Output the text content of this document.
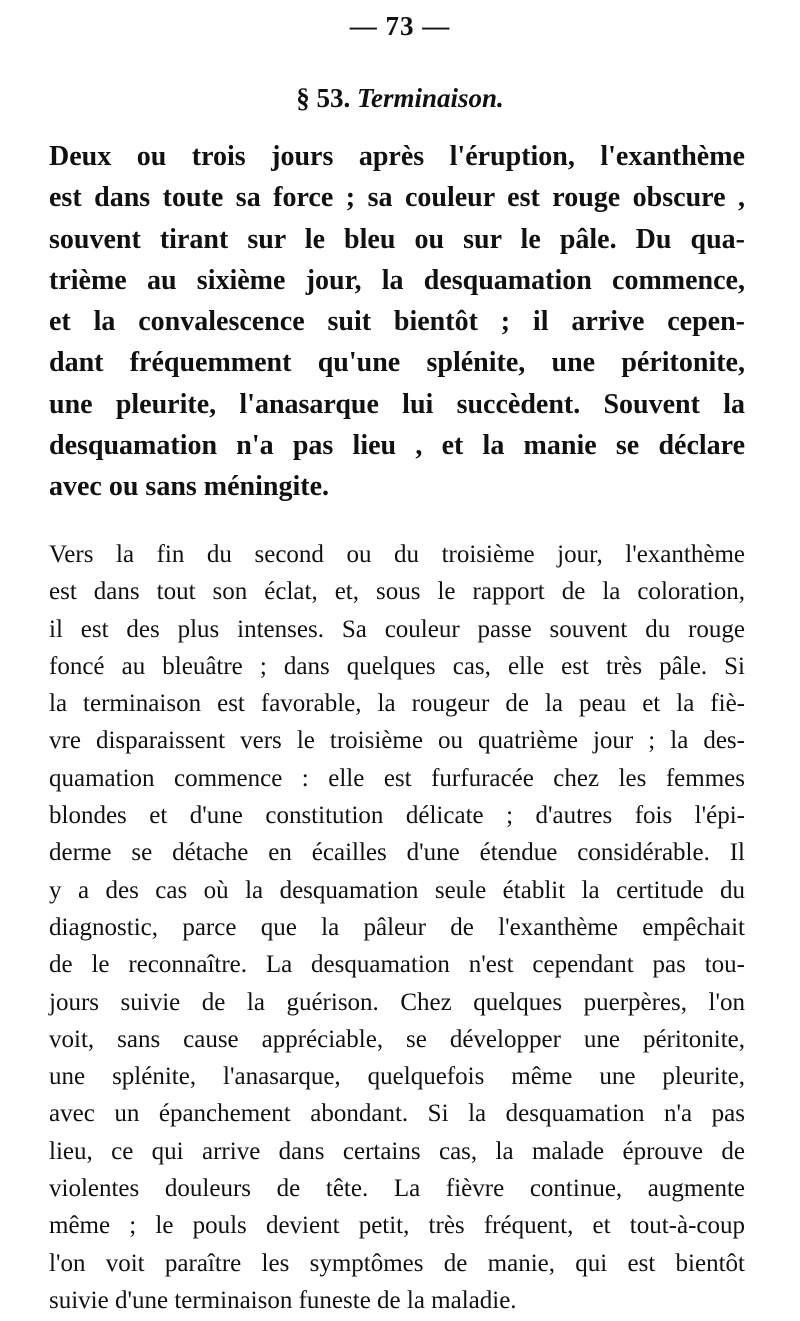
— 73 —
§ 53. Terminaison.
Deux ou trois jours après l'éruption, l'exanthème
est dans toute sa force ; sa couleur est rouge obscure ,
souvent tirant sur le bleu ou sur le pâle. Du qua-
trième au sixième jour, la desquamation commence,
et la convalescence suit bientôt ; il arrive cepen-
dant fréquemment qu'une splénite, une péritonite,
une pleurite, l'anasarque lui succèdent. Souvent la
desquamation n'a pas lieu , et la manie se déclare
avec ou sans méningite.
Vers la fin du second ou du troisième jour, l'exanthème
est dans tout son éclat, et, sous le rapport de la coloration,
il est des plus intenses. Sa couleur passe souvent du rouge
foncé au bleuâtre ; dans quelques cas, elle est très pâle. Si
la terminaison est favorable, la rougeur de la peau et la fiè-
vre disparaissent vers le troisième ou quatrième jour ; la des-
quamation commence : elle est furfuracée chez les femmes
blondes et d'une constitution délicate ; d'autres fois l'épi-
derme se détache en écailles d'une étendue considérable. Il
y a des cas où la desquamation seule établit la certitude du
diagnostic, parce que la pâleur de l'exanthème empêchait
de le reconnaître. La desquamation n'est cependant pas tou-
jours suivie de la guérison. Chez quelques puerpères, l'on
voit, sans cause appréciable, se développer une péritonite,
une splénite, l'anasarque, quelquefois même une pleurite,
avec un épanchement abondant. Si la desquamation n'a pas
lieu, ce qui arrive dans certains cas, la malade éprouve de
violentes douleurs de tête. La fièvre continue, augmente
même ; le pouls devient petit, très fréquent, et tout-à-coup
l'on voit paraître les symptômes de manie, qui est bientôt
suivie d'une terminaison funeste de la maladie.
